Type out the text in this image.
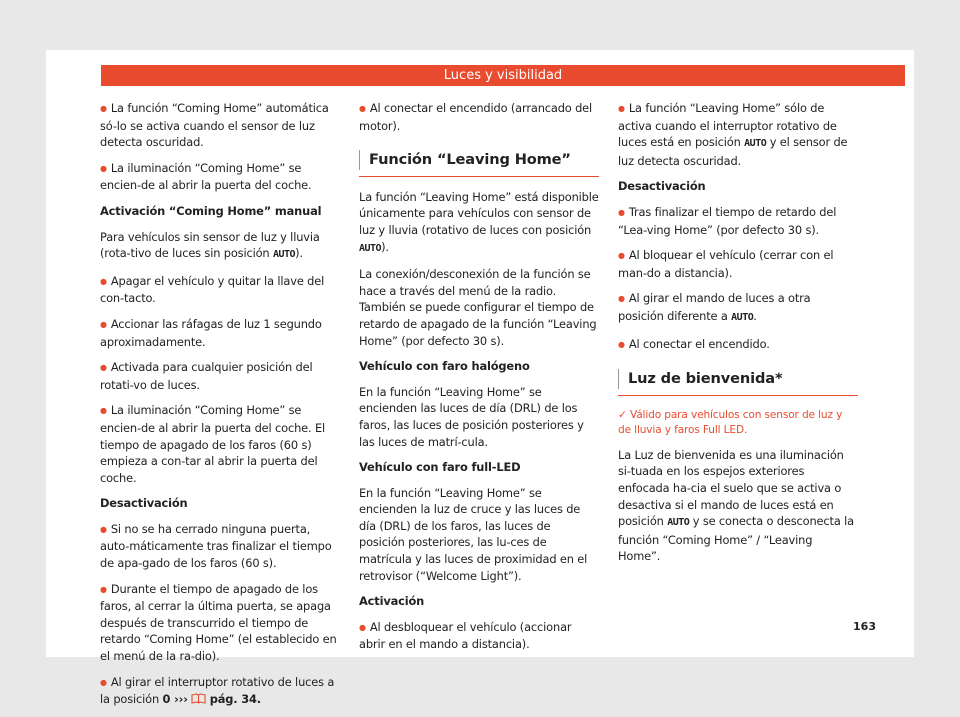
Luces y visibilidad

● La función “Coming Home” automática só-lo se activa cuando el sensor de luz detecta oscuridad.

● La iluminación “Coming Home” se encien-de al abrir la puerta del coche.

Activación “Coming Home” manual

Para vehículos sin sensor de luz y lluvia (rota-tivo de luces sin posición AUTO).

● Apagar el vehículo y quitar la llave del con-tacto.

● Accionar las ráfagas de luz 1 segundo aproximadamente.

● Activada para cualquier posición del rotati-vo de luces.

● La iluminación “Coming Home” se encien-de al abrir la puerta del coche. El tiempo de apagado de los faros (60 s) empieza a con-tar al abrir la puerta del coche.

Desactivación

● Si no se ha cerrado ninguna puerta, auto-máticamente tras finalizar el tiempo de apa-gado de los faros (60 s).

● Durante el tiempo de apagado de los faros, al cerrar la última puerta, se apaga después de transcurrido el tiempo de retardo “Coming Home” (el establecido en el menú de la ra-dio).

● Al girar el interruptor rotativo de luces a la posición 0 ››› pág. 34.

● Al conectar el encendido (arrancado del motor).

Función “Leaving Home”

La función “Leaving Home” está disponible únicamente para vehículos con sensor de luz y lluvia (rotativo de luces con posición AUTO).

La conexión/desconexión de la función se hace a través del menú de la radio. También se puede configurar el tiempo de retardo de apagado de la función “Leaving Home” (por defecto 30 s).

Vehículo con faro halógeno

En la función “Leaving Home” se encienden las luces de día (DRL) de los faros, las luces de posición posteriores y las luces de matrí-cula.

Vehículo con faro full-LED

En la función “Leaving Home” se encienden la luz de cruce y las luces de día (DRL) de los faros, las luces de posición posteriores, las lu-ces de matrícula y las luces de proximidad en el retrovisor (“Welcome Light”).

Activación

● Al desbloquear el vehículo (accionar abrir en el mando a distancia).

● La función “Leaving Home” sólo de activa cuando el interruptor rotativo de luces está en posición AUTO y el sensor de luz detecta oscuridad.

Desactivación

● Tras finalizar el tiempo de retardo del “Lea-ving Home” (por defecto 30 s).

● Al bloquear el vehículo (cerrar con el man-do a distancia).

● Al girar el mando de luces a otra posición diferente a AUTO.

● Al conectar el encendido.

Luz de bienvenida*

✓ Válido para vehículos con sensor de luz y de lluvia y faros Full LED.

La Luz de bienvenida es una iluminación si-tuada en los espejos exteriores enfocada ha-cia el suelo que se activa o desactiva si el mando de luces está en posición AUTO y se conecta o desconecta la función “Coming Home” / “Leaving Home”.

163
